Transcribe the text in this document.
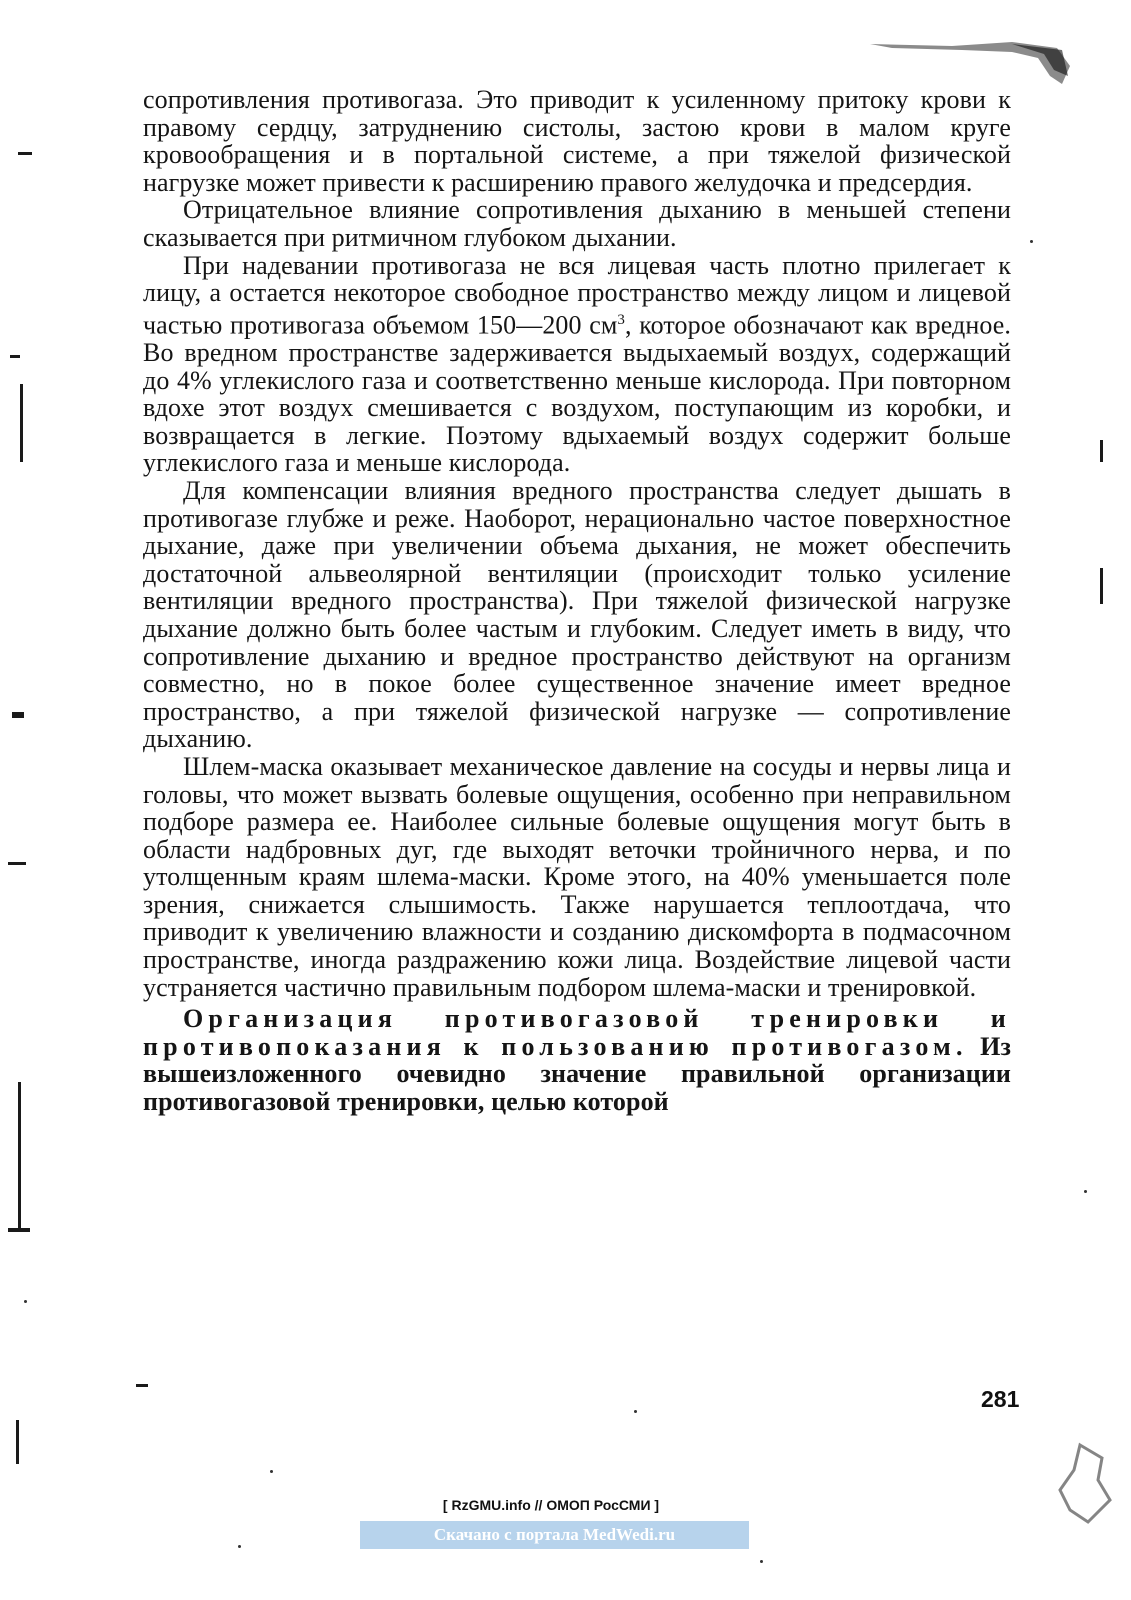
сопротивления противогаза. Это приводит к усиленному притоку крови к правому сердцу, затруднению систолы, застою крови в малом круге кровообращения и в портальной системе, а при тяжелой физической нагрузке может привести к расширению правого желудочка и предсердия.

Отрицательное влияние сопротивления дыханию в меньшей степени сказывается при ритмичном глубоком дыхании.

При надевании противогаза не вся лицевая часть плотно прилегает к лицу, а остается некоторое свободное пространство между лицом и лицевой частью противогаза объемом 150—200 $см^3$, которое обозначают как вредное. Во вредном пространстве задерживается выдыхаемый воздух, содержащий до 4% углекислого газа и соответственно меньше кислорода. При повторном вдохе этот воздух смешивается с воздухом, поступающим из коробки, и возвращается в легкие. Поэтому вдыхаемый воздух содержит больше углекислого газа и меньше кислорода.

Для компенсации влияния вредного пространства следует дышать в противогазе глубже и реже. Наоборот, нерационально частое поверхностное дыхание, даже при увеличении объема дыхания, не может обеспечить достаточной альвеолярной вентиляции (происходит только усиление вентиляции вредного пространства). При тяжелой физической нагрузке дыхание должно быть более частым и глубоким. Следует иметь в виду, что сопротивление дыханию и вредное пространство действуют на организм совместно, но в покое более существенное значение имеет вредное пространство, а при тяжелой физической нагрузке — сопротивление дыханию.

Шлем-маска оказывает механическое давление на сосуды и нервы лица и головы, что может вызвать болевые ощущения, особенно при неправильном подборе размера ее. Наиболее сильные болевые ощущения могут быть в области надбровных дуг, где выходят веточки тройничного нерва, и по утолщенным краям шлема-маски. Кроме этого, на 40% уменьшается поле зрения, снижается слышимость. Также нарушается теплоотдача, что приводит к увеличению влажности и созданию дискомфорта в подмасочном пространстве, иногда раздражению кожи лица. Воздействие лицевой части устраняется частично правильным подбором шлема-маски и тренировкой.

Организация противогазовой тренировки и противопоказания к пользованию противогазом. Из вышеизложенного очевидно значение правильной организации противогазовой тренировки, целью которой

281
[ RzGMU.info // ОМОП РосСМИ ]
Скачано с портала MedWedi.ru
